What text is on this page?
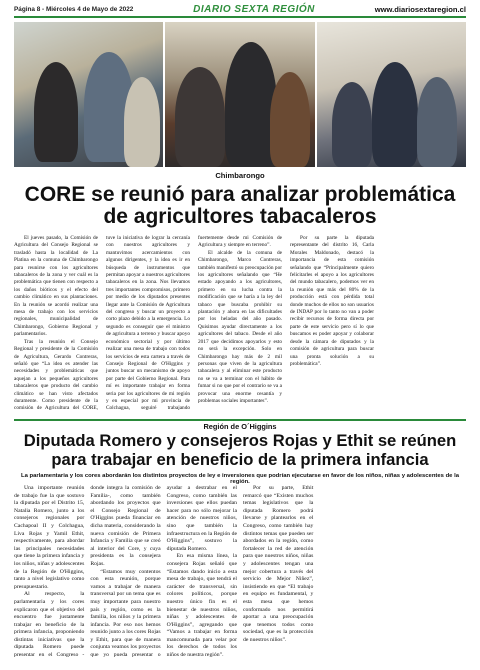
Página 8 - Miércoles 4 de Mayo de 2022	DIARIO SEXTA REGIÓN	www.diariosextaregion.cl
Chimbarongo
CORE se reunió para analizar problemática de agricultores tabacaleros

El jueves pasado, la Comisión de Agricultura del Consejo Regional se trasladó hasta la localidad de La Platina en la comuna de Chimbarongo para reunirse con los agricultores tabacaleros de la zona y ver cuál es la problemática que tienen con respecto a los daños bióticos y el efecto del cambio climático en sus plantaciones. En la reunión se acordó realizar una mesa de trabajo con los servicios regionales, municipalidad de Chimbarongo, Gobierno Regional y parlamentarios.

Tras la reunión el Consejo Regional y presidente de la Comisión de Agricultura, Gerardo Contreras, señaló que “La idea es atender las necesidades y problemáticas que aquejan a los pequeños agricultores tabacaleros que producto del cambio climático se han visto afectados duramente. Como presidente de la comisión de Agricultura del CORE, tuve la iniciativa de lograr la cercanía con nuestros agricultores y mantuvimos acercamientos con algunos dirigentes, y la idea es ir en búsqueda de instrumentos que permitan apoyar a nuestros agricultores tabacaleros en la zona. Nos llevamos tres importantes compromisos, primero por medio de los diputados presentes llegar ante la Comisión de Agricultura del congreso y buscar un proyecto a corto plazo debido a la emergencia. Lo segundo es conseguir que el ministro de agricultura a terreno y buscar apoyo económico sectorial y por último realizar una mesa de trabajo con todos los servicios de esta cartera a través de Consejo Regional de O'Higgins y juntos buscar un mecanismo de apoyo por parte del Gobierno Regional. Para mí es importante trabajar en forma seria por los agricultores de mi región y en especial por mi provincia de Colchagua, seguiré trabajando fuertemente desde mi Comisión de Agricultura y siempre en terreno”.

El alcalde de la comuna de Chimbarongo, Marco Contreras, también manifestó su preocupación por los agricultores señalando que “He estado apoyando a los agricultores, primero en su lucha contra la modificación que se haría a la ley del tabaco que buscaba prohibir su plantación y ahora en las dificultades por los heladas del año pasado. Quisimos ayudar directamente a los agricultores del tabaco. Desde el año 2017 que decidimos apoyarlos y esto no será la excepción. Solo en Chimbarongo hay más de 2 mil personas que viven de la agricultura tabacalera y al eliminar este producto no se va a terminar con el hábito de fumar si no que por el contrario se va a provocar una enorme cesantía y problemas sociales importantes”.

Por su parte la diputada representante del distrito 16, Carla Morales Maldonado, destacó la importancia de esta comisión señalando que “Principalmente quiero felicitarles el apoyo a los agricultores del mundo tabacalero, podemos ver en la reunión que más del 80% de la producción está con pérdida total donde muchos de ellos no son usuarios de INDAP por lo tanto no van a poder recibir recursos de forma directa por parte de este servicio pero sí lo que buscamos es poder apoyar y colaborar desde la cámara de diputados y la comisión de agricultura para buscar una pronta solución a su problemática”.

Región de O´Higgins
Diputada Romero y consejeros Rojas y Ethit se reúnen para trabajar en beneficio de la primera infancia
La parlamentaria y los cores abordarán los distintos proyectos de ley e inversiones que podrían ejecutarse en favor de los niños, niñas y adolescentes de la región.

Una importante reunión de trabajo fue la que sostuvo la diputada por el Distrito 15, Natalia Romero, junto a los consejeros regionales por Cachapoal II y Colchagua, Liva Rojas y Yamil Ethit, respectivamente, para abordar las principales necesidades que tiene la primera infancia y los niños, niñas y adolescentes de la Región de O'Higgins, tanto a nivel legislativo como presupuestario.

Al respecto, la parlamentaria y los cores explicaron que el objetivo del encuentro fue justamente trabajar en beneficio de la primera infancia, proponiendo distintas iniciativas que la diputada Romero puede presentar en el Congreso -donde integra la comisión de Familia-, como también abordando los proyectos que el Consejo Regional de O'Higgins pueda financiar en dicha materia, considerando la nueva comisión de Primera Infancia y Familia que se creó al interior del Core, y cuya presidenta es la consejera Rojas.

“Estamos muy contentos con esta reunión, porque vamos a trabajar de manera transversal por un tema que es muy importante para nuestro país y región, como es la familia, los niños y la primera infancia. Por eso nos hemos reunido junto a los cores Rojas y Ethit, para que de manera conjunta veamos los proyectos que yo pueda presentar o ayudar a destrabar en el Congreso, como también las inversiones que ellos puedan hacer para no sólo mejorar la atención de nuestros niños, sino que también la infraestructura en la Región de O'Higgins”, sostuvo la diputada Romero.

En esa misma línea, la consejera Rojas señaló que “Estamos dando inicio a esta mesa de trabajo, que tendrá el carácter de transversal, sin colores políticos, porque nuestro único fin es el bienestar de nuestros niños, niñas y adolescentes de O'Higgins”, agregando que “Vamos a trabajar en forma mancomunada para velar por los derechos de todos los niños de nuestra región”.

Por su parte, Ethit remarcó que “Existen muchos temas legislativos que la diputada Romero podrá llevarse y plantearlos en el Congreso, como también hay distintos temas que pueden ser abordados en la región, como fortalecer la red de atención para que nuestros niños, niñas y adolescentes tengan una mejor cobertura a través del servicio de Mejor Niñez”, insistiendo en que “El trabajo en equipo es fundamental, y esta mesa que hemos conformado nos permitirá aportar a una preocupación que tenemos todos como sociedad, que es la protección de nuestros niños”.
